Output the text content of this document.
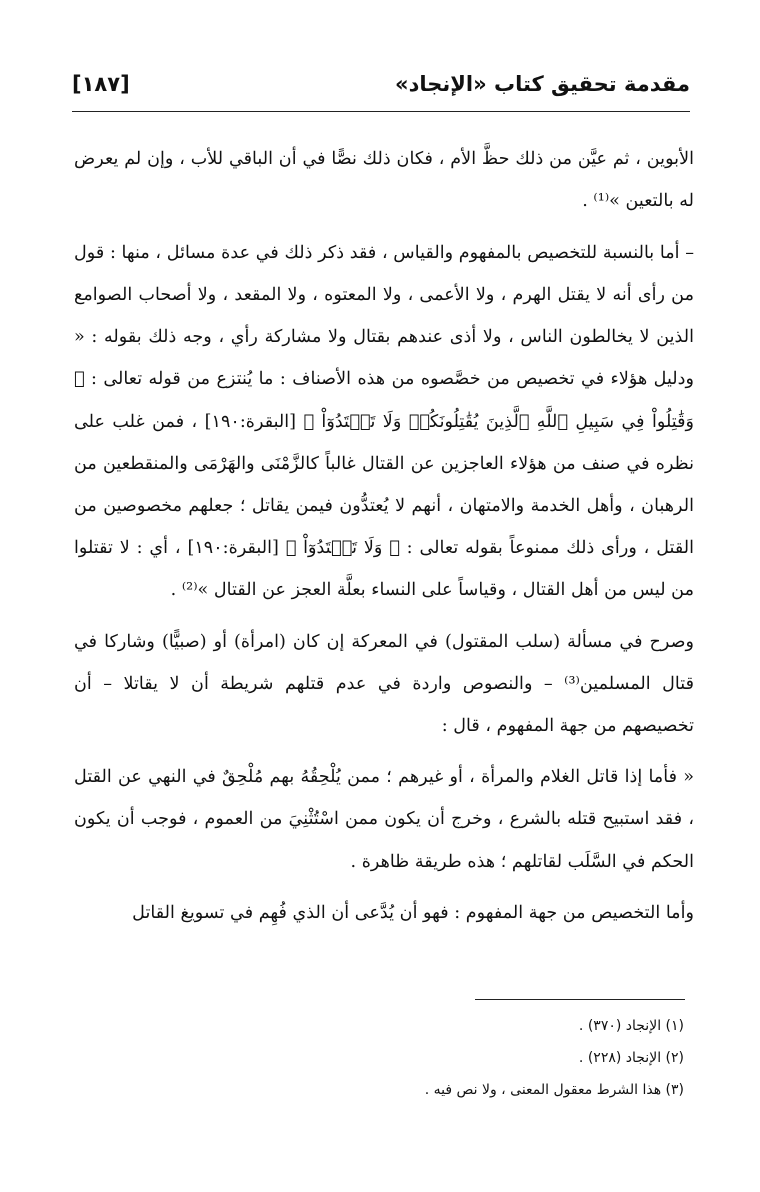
مقدمة تحقيق كتاب «الإنجاد»
[١٨٧]

الأبوين ، ثم عيَّن من ذلك حظَّ الأم ، فكان ذلك نصًّا في أن الباقي للأب ، وإن لم يعرض له بالتعين »⁽¹⁾ .

– أما بالنسبة للتخصيص بالمفهوم والقياس ، فقد ذكر ذلك في عدة مسائل ، منها : قول من رأى أنه لا يقتل الهرم ، ولا الأعمى ، ولا المعتوه ، ولا المقعد ، ولا أصحاب الصوامع الذين لا يخالطون الناس ، ولا أذى عندهم بقتال ولا مشاركة رأي ، وجه ذلك بقوله : « ودليل هؤلاء في تخصيص من خصَّصوه من هذه الأصناف : ما يُنتزع من قوله تعالى : ﴿ وَقَٰتِلُواْ فِي سَبِيلِ ٱللَّهِ ٱلَّذِينَ يُقَٰتِلُونَكُمۡ وَلَا تَعۡتَدُوٓاْ ﴾ [البقرة:١٩٠] ، فمن غلب على نظره في صنف من هؤلاء العاجزين عن القتال غالباً كالزَّمْنَى والهَرْمَى والمنقطعين من الرهبان ، وأهل الخدمة والامتهان ، أنهم لا يُعتدُّون فيمن يقاتل ؛ جعلهم مخصوصين من القتل ، ورأى ذلك ممنوعاً بقوله تعالى : ﴿ وَلَا تَعۡتَدُوٓاْ ﴾ [البقرة:١٩٠] ، أي : لا تقتلوا من ليس من أهل القتال ، وقياساً على النساء بعلَّة العجز عن القتال »⁽²⁾ .

وصرح في مسألة (سلب المقتول) في المعركة إن كان (امرأة) أو (صبيًّا) وشاركا في قتال المسلمين⁽³⁾ – والنصوص واردة في عدم قتلهم شريطة أن لا يقاتلا – أن تخصيصهم من جهة المفهوم ، قال :

« فأما إذا قاتل الغلام والمرأة ، أو غيرهم ؛ ممن يُلْحِقُهُ بهم مُلْحِقٌ في النهي عن القتل ، فقد استبيح قتله بالشرع ، وخرج أن يكون ممن اسْتُثْنِيَ من العموم ، فوجب أن يكون الحكم في السَّلَب لقاتلهم ؛ هذه طريقة ظاهرة .

وأما التخصيص من جهة المفهوم : فهو أن يُدَّعى أن الذي فُهِم في تسويغ القاتل

(١) الإنجاد (٣٧٠) .
(٢) الإنجاد (٢٢٨) .
(٣) هذا الشرط معقول المعنى ، ولا نص فيه .
